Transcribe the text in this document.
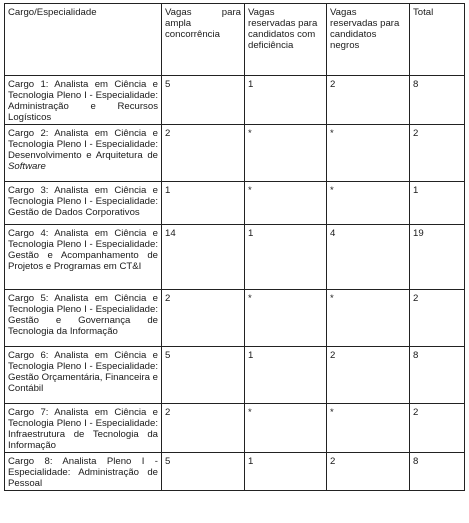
Cargo/Especialidade	Vagas para ampla concorrência	Vagas reservadas para candidatos com deficiência	Vagas reservadas para candidatos negros	Total
Cargo 1: Analista em Ciência e Tecnologia Pleno I - Especialidade: Administração e Recursos Logísticos	5	1	2	8
Cargo 2: Analista em Ciência e Tecnologia Pleno I - Especialidade: Desenvolvimento e Arquitetura de Software	2	*	*	2
Cargo 3: Analista em Ciência e Tecnologia Pleno I - Especialidade: Gestão de Dados Corporativos	1	*	*	1
Cargo 4: Analista em Ciência e Tecnologia Pleno I - Especialidade: Gestão e Acompanhamento de Projetos e Programas em CT&I	14	1	4	19
Cargo 5: Analista em Ciência e Tecnologia Pleno I - Especialidade: Gestão e Governança de Tecnologia da Informação	2	*	*	2
Cargo 6: Analista em Ciência e Tecnologia Pleno I - Especialidade: Gestão Orçamentária, Financeira e Contábil	5	1	2	8
Cargo 7: Analista em Ciência e Tecnologia Pleno I - Especialidade: Infraestrutura de Tecnologia da Informação	2	*	*	2
Cargo 8: Analista Pleno I - Especialidade: Administração de Pessoal	5	1	2	8
